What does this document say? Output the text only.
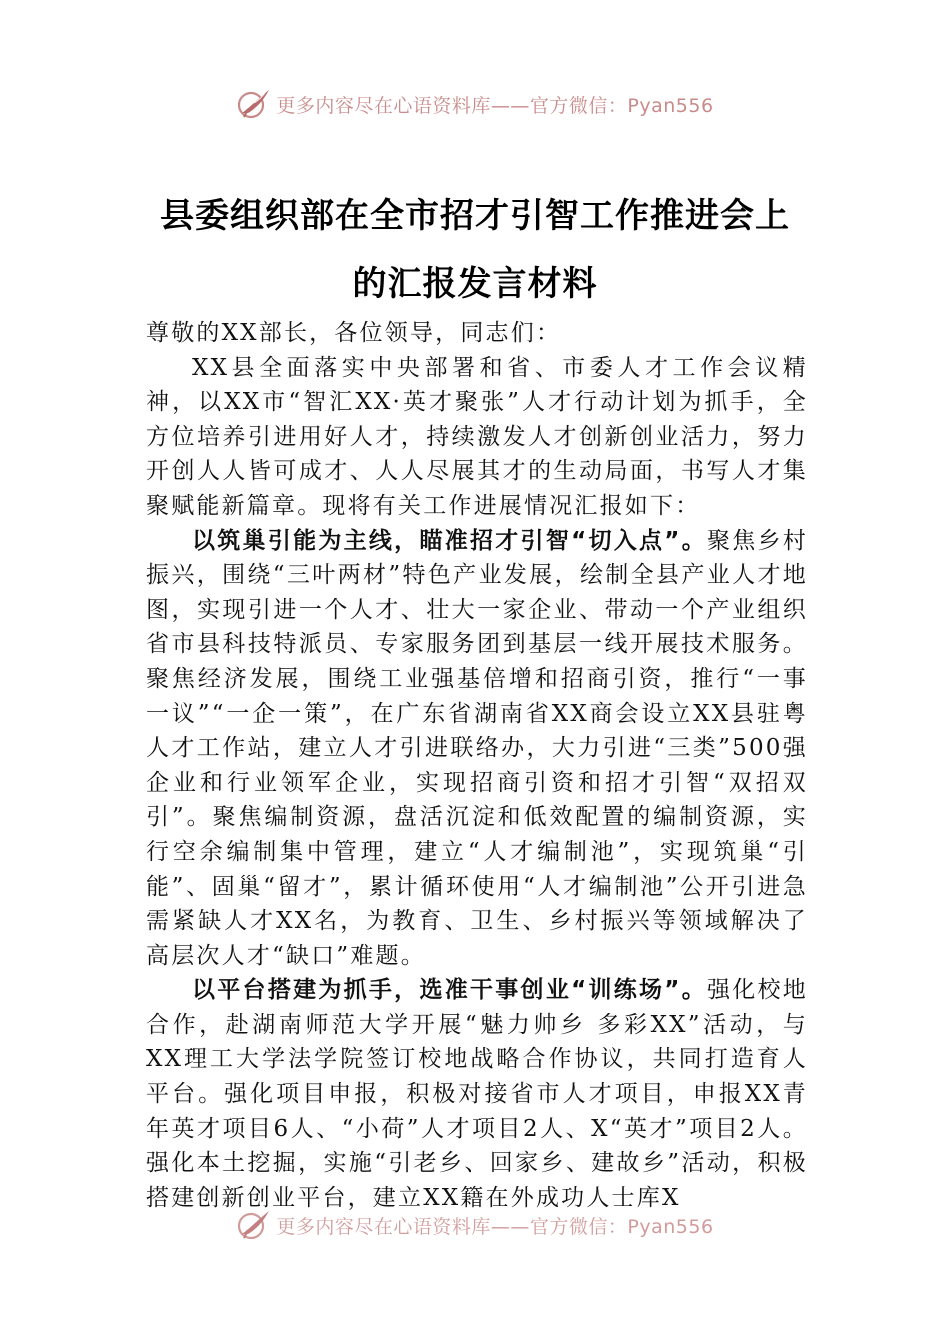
更多内容尽在心语资料库——官方微信：Pyan556
县委组织部在全市招才引智工作推进会上
的汇报发言材料

尊敬的XX部长，各位领导，同志们：

XX县全面落实中央部署和省、市委人才工作会议精神，以XX市“智汇XX·英才聚张”人才行动计划为抓手，全方位培养引进用好人才，持续激发人才创新创业活力，努力开创人人皆可成才、人人尽展其才的生动局面，书写人才集聚赋能新篇章。现将有关工作进展情况汇报如下：

以筑巢引能为主线，瞄准招才引智“切入点”。聚焦乡村振兴，围绕“三叶两材”特色产业发展，绘制全县产业人才地图，实现引进一个人才、壮大一家企业、带动一个产业组织省市县科技特派员、专家服务团到基层一线开展技术服务。聚焦经济发展，围绕工业强基倍增和招商引资，推行“一事一议”“一企一策”，在广东省湖南省XX商会设立XX县驻粤人才工作站，建立人才引进联络办，大力引进“三类”500强企业和行业领军企业，实现招商引资和招才引智“双招双引”。聚焦编制资源，盘活沉淀和低效配置的编制资源，实行空余编制集中管理，建立“人才编制池”，实现筑巢“引能”、固巢“留才”，累计循环使用“人才编制池”公开引进急需紧缺人才XX名，为教育、卫生、乡村振兴等领域解决了高层次人才“缺口”难题。

以平台搭建为抓手，选准干事创业“训练场”。强化校地合作，赴湖南师范大学开展“魅力帅乡 多彩XX”活动，与XX理工大学法学院签订校地战略合作协议，共同打造育人平台。强化项目申报，积极对接省市人才项目，申报XX青年英才项目6人、“小荷”人才项目2人、X“英才”项目2人。强化本土挖掘，实施“引老乡、回家乡、建故乡”活动，积极搭建创新创业平台，建立XX籍在外成功人士库X

更多内容尽在心语资料库——官方微信：Pyan556
